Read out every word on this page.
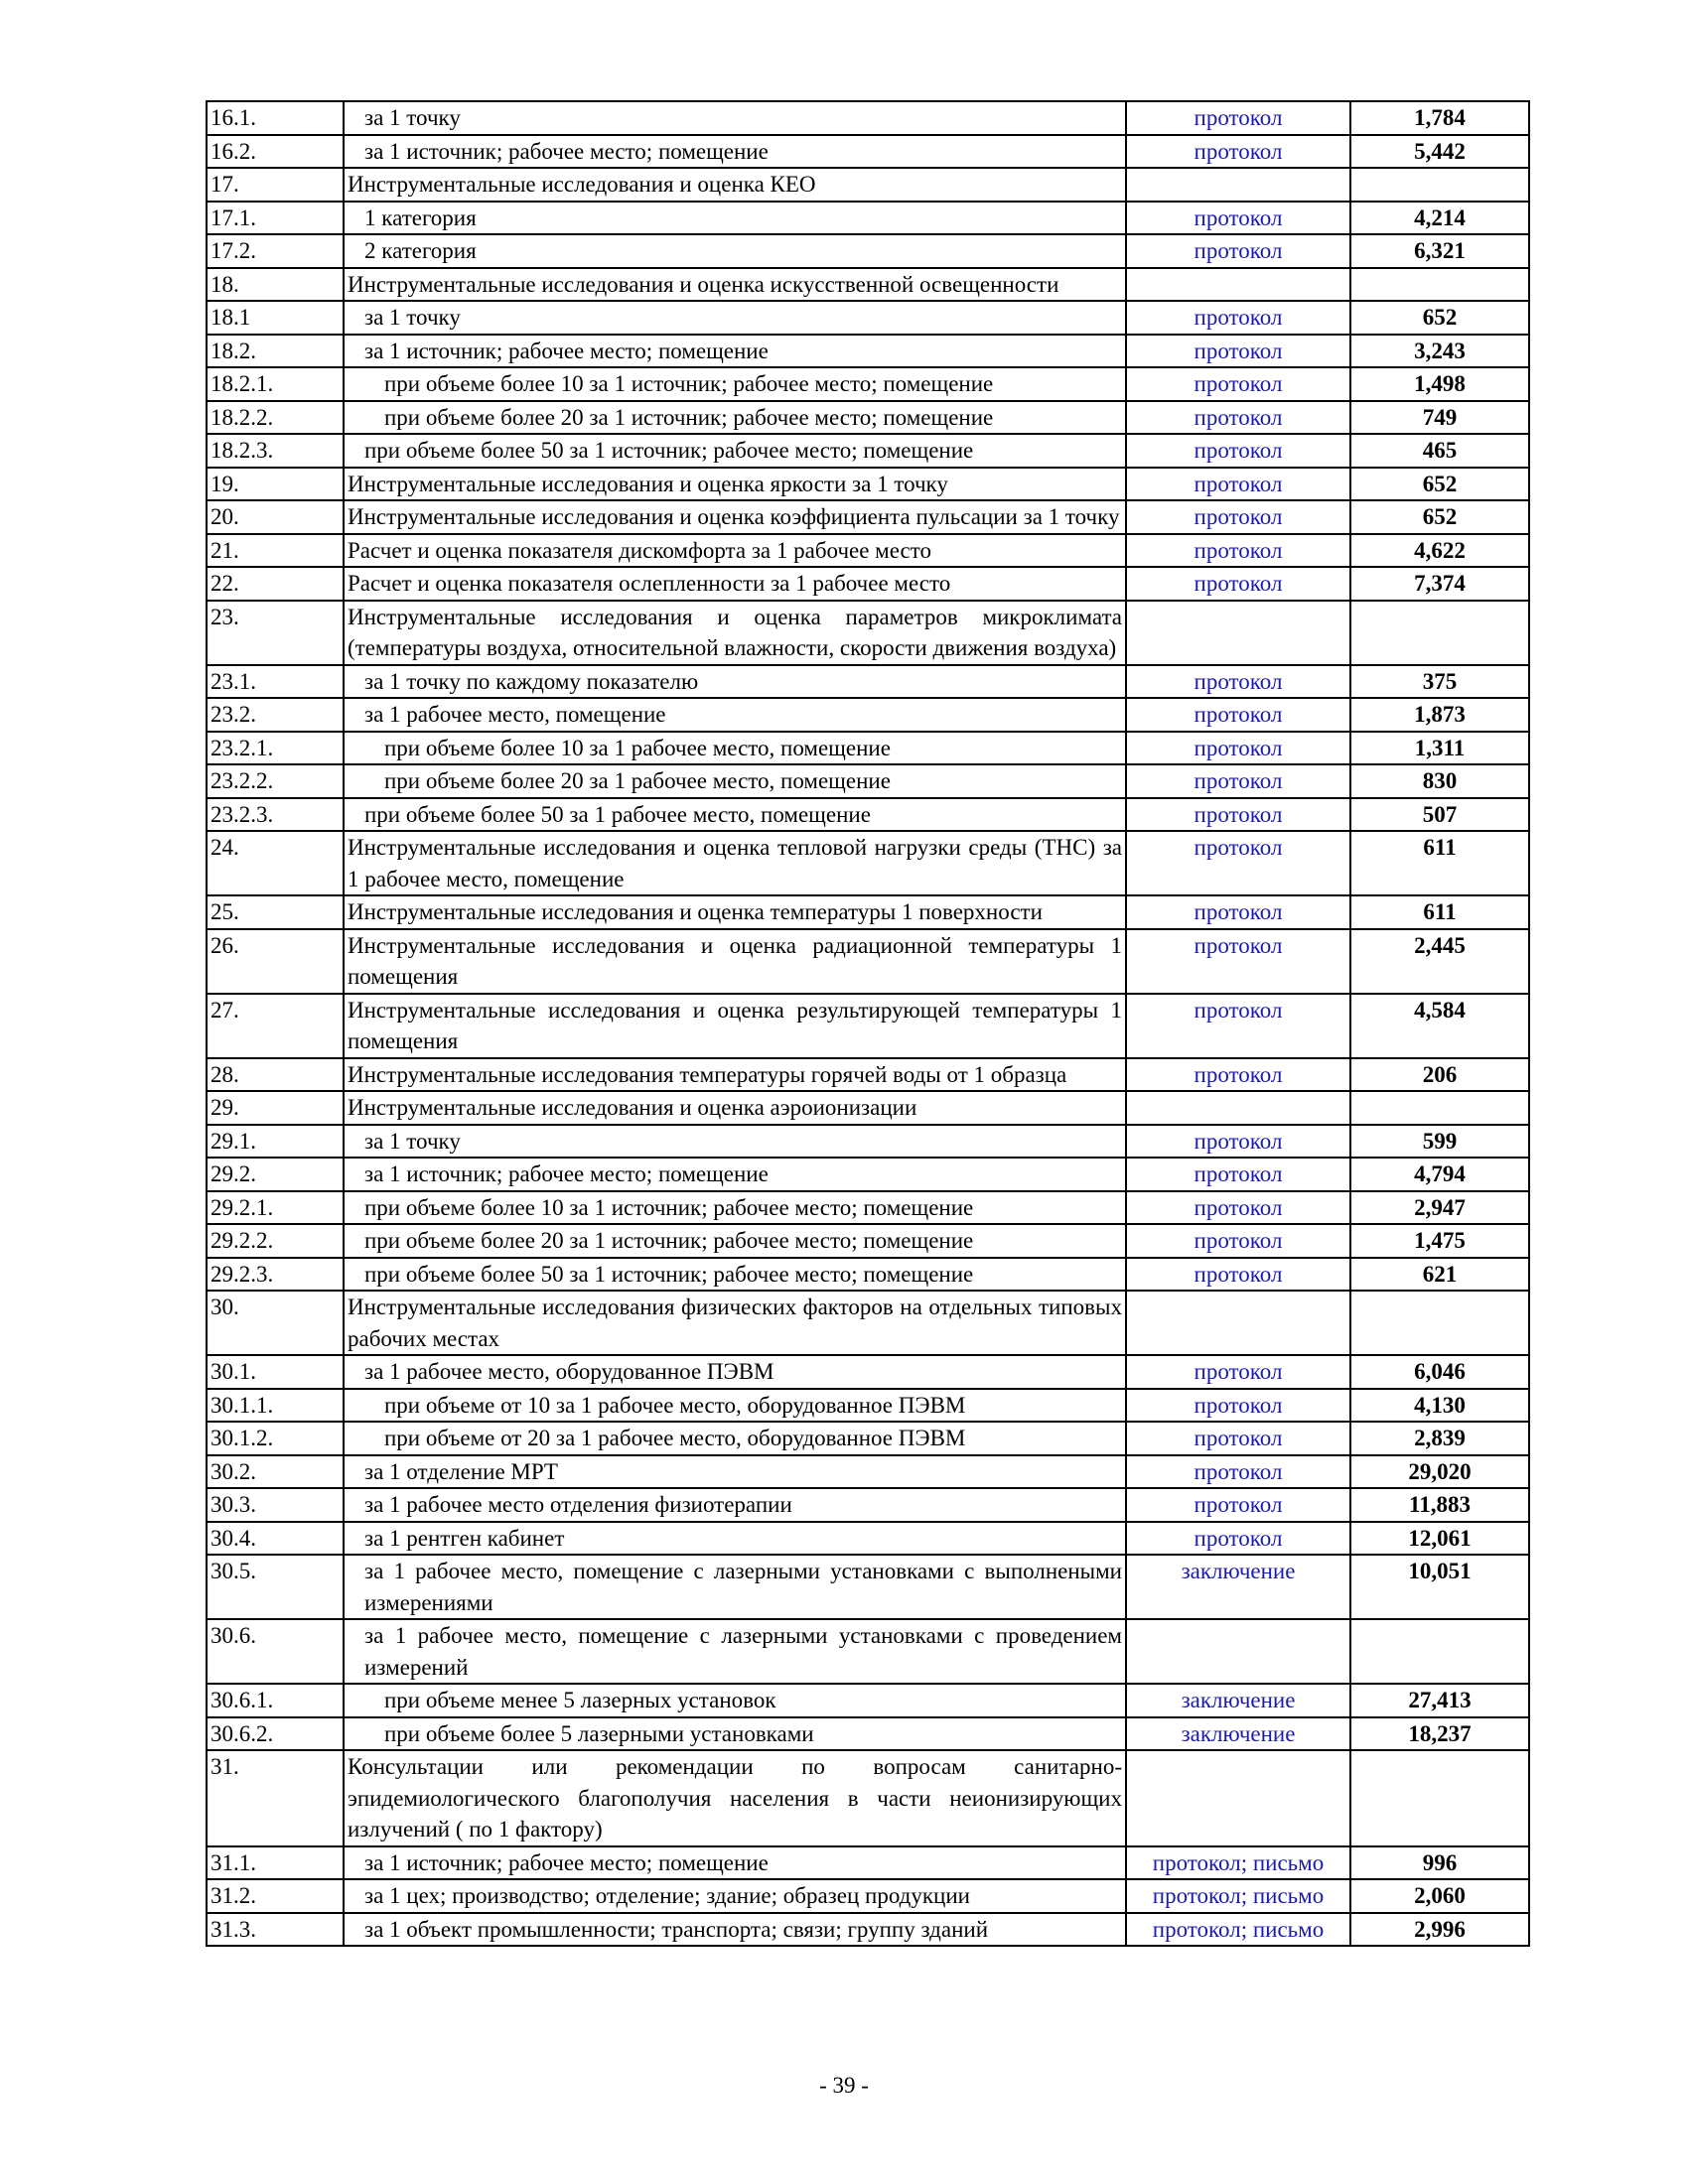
16.1.	за 1 точку	протокол	1,784
16.2.	за 1 источник; рабочее место; помещение	протокол	5,442
17.	Инструментальные исследования и оценка КЕО		
17.1.	1 категория	протокол	4,214
17.2.	2 категория	протокол	6,321
18.	Инструментальные исследования и оценка искусственной освещенности		
18.1	за 1 точку	протокол	652
18.2.	за 1 источник; рабочее место; помещение	протокол	3,243
18.2.1.	при объеме более 10 за 1 источник; рабочее место; помещение	протокол	1,498
18.2.2.	при объеме более 20 за 1 источник; рабочее место; помещение	протокол	749
18.2.3.	при объеме более 50 за 1 источник; рабочее место; помещение	протокол	465
19.	Инструментальные исследования и оценка яркости за 1 точку	протокол	652
20.	Инструментальные исследования и оценка коэффициента пульсации за 1 точку	протокол	652
21.	Расчет и оценка показателя дискомфорта за 1 рабочее место	протокол	4,622
22.	Расчет и оценка показателя ослепленности за 1 рабочее место	протокол	7,374
23.	Инструментальные исследования и оценка параметров микроклимата (температуры воздуха, относительной влажности, скорости движения воздуха)		
23.1.	за 1 точку по каждому показателю	протокол	375
23.2.	за 1 рабочее место, помещение	протокол	1,873
23.2.1.	при объеме более 10 за 1 рабочее место, помещение	протокол	1,311
23.2.2.	при объеме более 20 за 1 рабочее место, помещение	протокол	830
23.2.3.	при объеме более 50 за 1 рабочее место, помещение	протокол	507
24.	Инструментальные исследования и оценка тепловой нагрузки среды (ТНС) за 1 рабочее место, помещение	протокол	611
25.	Инструментальные исследования и оценка температуры 1 поверхности	протокол	611
26.	Инструментальные исследования и оценка радиационной температуры 1 помещения	протокол	2,445
27.	Инструментальные исследования и оценка результирующей температуры 1 помещения	протокол	4,584
28.	Инструментальные исследования температуры горячей воды от 1 образца	протокол	206
29.	Инструментальные исследования и оценка аэроионизации		
29.1.	за 1 точку	протокол	599
29.2.	за 1 источник; рабочее место; помещение	протокол	4,794
29.2.1.	при объеме более 10 за 1 источник; рабочее место; помещение	протокол	2,947
29.2.2.	при объеме более 20 за 1 источник; рабочее место; помещение	протокол	1,475
29.2.3.	при объеме более 50 за 1 источник; рабочее место; помещение	протокол	621
30.	Инструментальные исследования физических факторов на отдельных типовых рабочих местах		
30.1.	за 1 рабочее место, оборудованное ПЭВМ	протокол	6,046
30.1.1.	при объеме от 10 за 1 рабочее место, оборудованное ПЭВМ	протокол	4,130
30.1.2.	при объеме от 20 за 1 рабочее место, оборудованное ПЭВМ	протокол	2,839
30.2.	за 1 отделение МРТ	протокол	29,020
30.3.	за 1 рабочее место отделения физиотерапии	протокол	11,883
30.4.	за 1 рентген кабинет	протокол	12,061
30.5.	за 1 рабочее место, помещение с лазерными установками с выполнеными измерениями	заключение	10,051
30.6.	за 1 рабочее место, помещение с лазерными установками с проведением измерений		
30.6.1.	при объеме менее 5 лазерных установок	заключение	27,413
30.6.2.	при объеме более 5 лазерными установками	заключение	18,237
31.	Консультации или рекомендации по вопросам санитарно-эпидемиологического благополучия населения в части неионизирующих излучений ( по 1 фактору)		
31.1.	за 1 источник; рабочее место; помещение	протокол; письмо	996
31.2.	за 1 цех; производство; отделение; здание; образец продукции	протокол; письмо	2,060
31.3.	за 1 объект промышленности; транспорта; связи; группу зданий	протокол; письмо	2,996
- 39 -
